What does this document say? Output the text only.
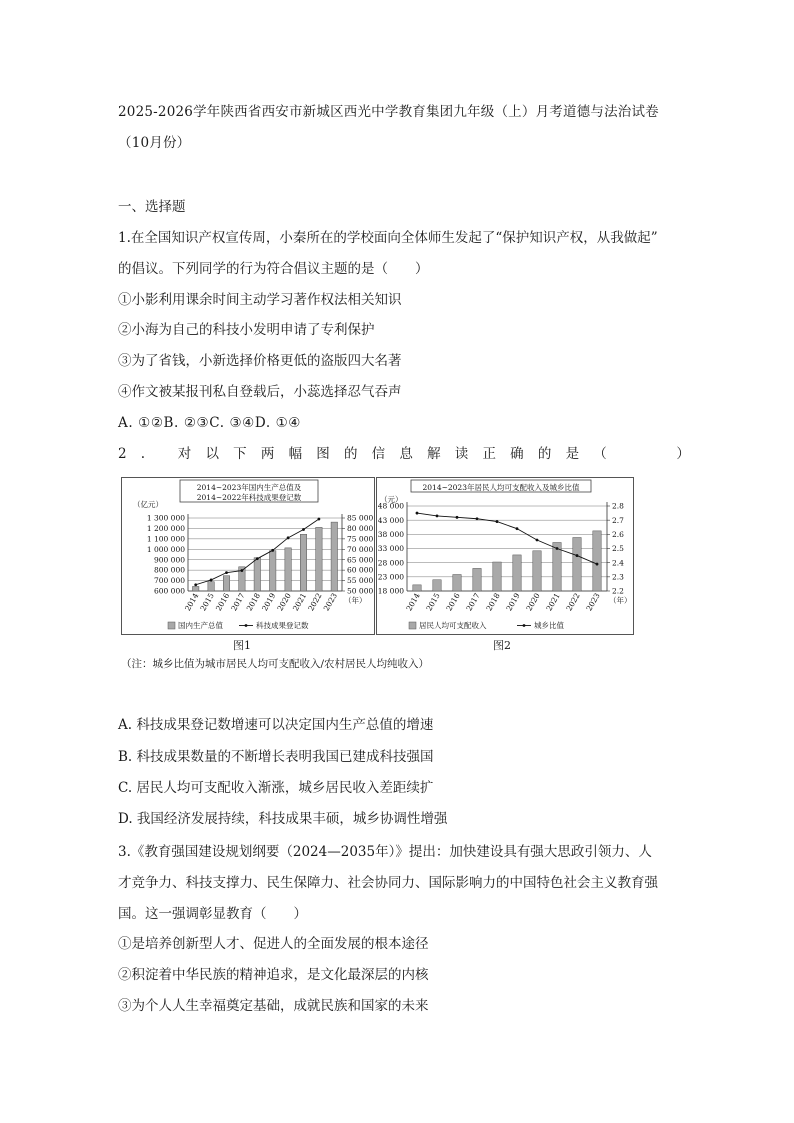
2025-2026学年陕西省西安市新城区西光中学教育集团九年级（上）月考道德与法治试卷
（10月份）
一、选择题
1.在全国知识产权宣传周，小秦所在的学校面向全体师生发起了“保护知识产权，从我做起”
的倡议。下列同学的行为符合倡议主题的是（　　）
①小影利用课余时间主动学习著作权法相关知识
②小海为自己的科技小发明申请了专利保护
③为了省钱，小新选择价格更低的盗版四大名著
④作文被某报刊私自登载后，小蕊选择忍气吞声
A. ①②B. ②③C. ③④D. ①④
2. 对以下两幅图的信息解读正确的是（　　）
2014~2023年国内生产总值及
2014~2022年科技成果登记数
（亿元）
600 000
700 000
800 000
900 000
1 000 000
1 100 000
1 200 000
1 300 000
50 000
55 000
60 000
65 000
70 000
75 000
80 000
85 000
2014
2015
2016
2017
2018
2019
2020
2021
2022
2023 （年）
国内生产总值	科技成果登记数
图1
2014~2023年居民人均可支配收入及城乡比值
（元）
18 000
23 000
28 000
33 000
38 000
43 000
48 000
2.2
2.3
2.4
2.5
2.6
2.7
2.8
2014 2015 2016 2017 2018 2019 2020 2021 2022 2023 （年）
居民人均可支配收入	城乡比值
图2
（注：城乡比值为城市居民人均可支配收入/农村居民人均纯收入）
A. 科技成果登记数增速可以决定国内生产总值的增速
B. 科技成果数量的不断增长表明我国已建成科技强国
C. 居民人均可支配收入渐涨，城乡居民收入差距续扩
D. 我国经济发展持续，科技成果丰硕，城乡协调性增强
3.《教育强国建设规划纲要（2024—2035年）》提出：加快建设具有强大思政引领力、人
才竞争力、科技支撑力、民生保障力、社会协同力、国际影响力的中国特色社会主义教育强
国。这一强调彰显教育（　　）
①是培养创新型人才、促进人的全面发展的根本途径
②积淀着中华民族的精神追求，是文化最深层的内核
③为个人人生幸福奠定基础，成就民族和国家的未来
